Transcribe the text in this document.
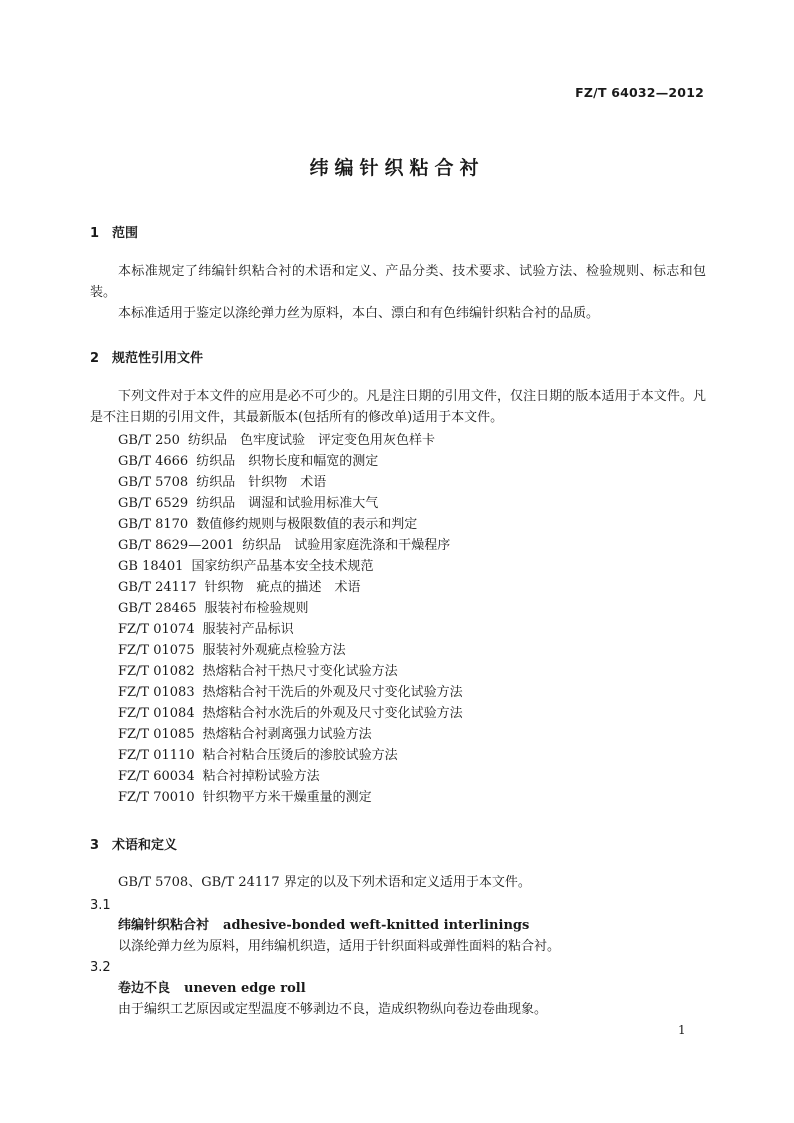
FZ/T 64032—2012
纬编针织粘合衬
1 范围
本标准规定了纬编针织粘合衬的术语和定义、产品分类、技术要求、试验方法、检验规则、标志和包装。
本标准适用于鉴定以涤纶弹力丝为原料，本白、漂白和有色纬编针织粘合衬的品质。
2 规范性引用文件
下列文件对于本文件的应用是必不可少的。凡是注日期的引用文件，仅注日期的版本适用于本文件。凡是不注日期的引用文件，其最新版本(包括所有的修改单)适用于本文件。
GB/T 250 纺织品　色牢度试验　评定变色用灰色样卡
GB/T 4666 纺织品　织物长度和幅宽的测定
GB/T 5708 纺织品　针织物　术语
GB/T 6529 纺织品　调湿和试验用标准大气
GB/T 8170 数值修约规则与极限数值的表示和判定
GB/T 8629—2001 纺织品　试验用家庭洗涤和干燥程序
GB 18401 国家纺织产品基本安全技术规范
GB/T 24117 针织物　疵点的描述　术语
GB/T 28465 服装衬布检验规则
FZ/T 01074 服装衬产品标识
FZ/T 01075 服装衬外观疵点检验方法
FZ/T 01082 热熔粘合衬干热尺寸变化试验方法
FZ/T 01083 热熔粘合衬干洗后的外观及尺寸变化试验方法
FZ/T 01084 热熔粘合衬水洗后的外观及尺寸变化试验方法
FZ/T 01085 热熔粘合衬剥离强力试验方法
FZ/T 01110 粘合衬粘合压烫后的渗胶试验方法
FZ/T 60034 粘合衬掉粉试验方法
FZ/T 70010 针织物平方米干燥重量的测定
3 术语和定义
GB/T 5708、GB/T 24117 界定的以及下列术语和定义适用于本文件。
3.1
纬编针织粘合衬 adhesive-bonded weft-knitted interlinings
以涤纶弹力丝为原料，用纬编机织造，适用于针织面料或弹性面料的粘合衬。
3.2
卷边不良 uneven edge roll
由于编织工艺原因或定型温度不够剥边不良，造成织物纵向卷边卷曲现象。
1
